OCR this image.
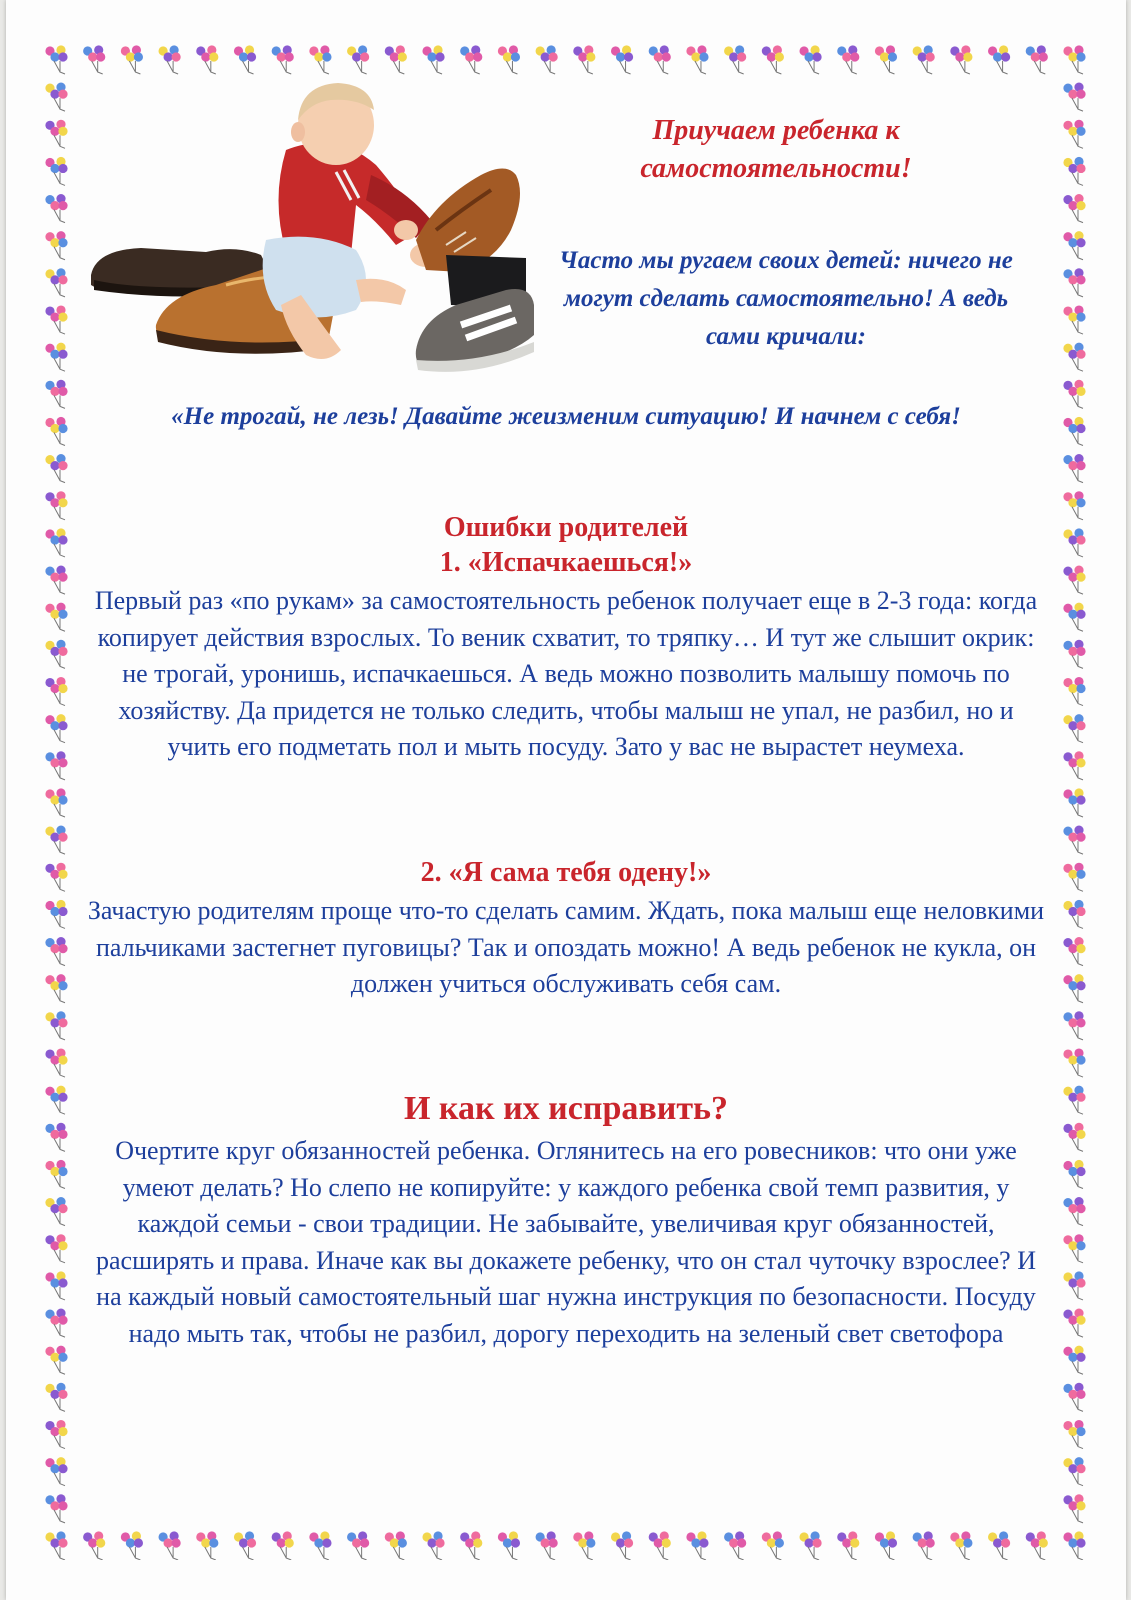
Приучаем ребенка к самостоятельности!

Часто мы ругаем своих детей: ничего не могут сделать самостоятельно! А ведь сами кричали:

«Не трогай, не лезь! Давайте жеизменим ситуацию! И начнем с себя!

Ошибки родителей

1. «Испачкаешься!»

Первый раз «по рукам» за самостоятельность ребенок получает еще в 2-3 года: когда копирует действия взрослых. То веник схватит, то тряпку… И тут же слышит окрик: не трогай, уронишь, испачкаешься. А ведь можно позволить малышу помочь по хозяйству. Да придется не только следить, чтобы малыш не упал, не разбил, но и учить его подметать пол и мыть посуду. Зато у вас не вырастет неумеха.

2. «Я сама тебя одену!»

Зачастую родителям проще что-то сделать самим. Ждать, пока малыш еще неловкими пальчиками застегнет пуговицы? Так и опоздать можно! А ведь ребенок не кукла, он должен учиться обслуживать себя сам.

И как их исправить?

Очертите круг обязанностей ребенка. Оглянитесь на его ровесников: что они уже умеют делать? Но слепо не копируйте: у каждого ребенка свой темп развития, у каждой семьи - свои традиции. Не забывайте, увеличивая круг обязанностей, расширять и права. Иначе как вы докажете ребенку, что он стал чуточку взрослее? И на каждый новый самостоятельный шаг нужна инструкция по безопасности. Посуду надо мыть так, чтобы не разбил, дорогу переходить на зеленый свет светофора
